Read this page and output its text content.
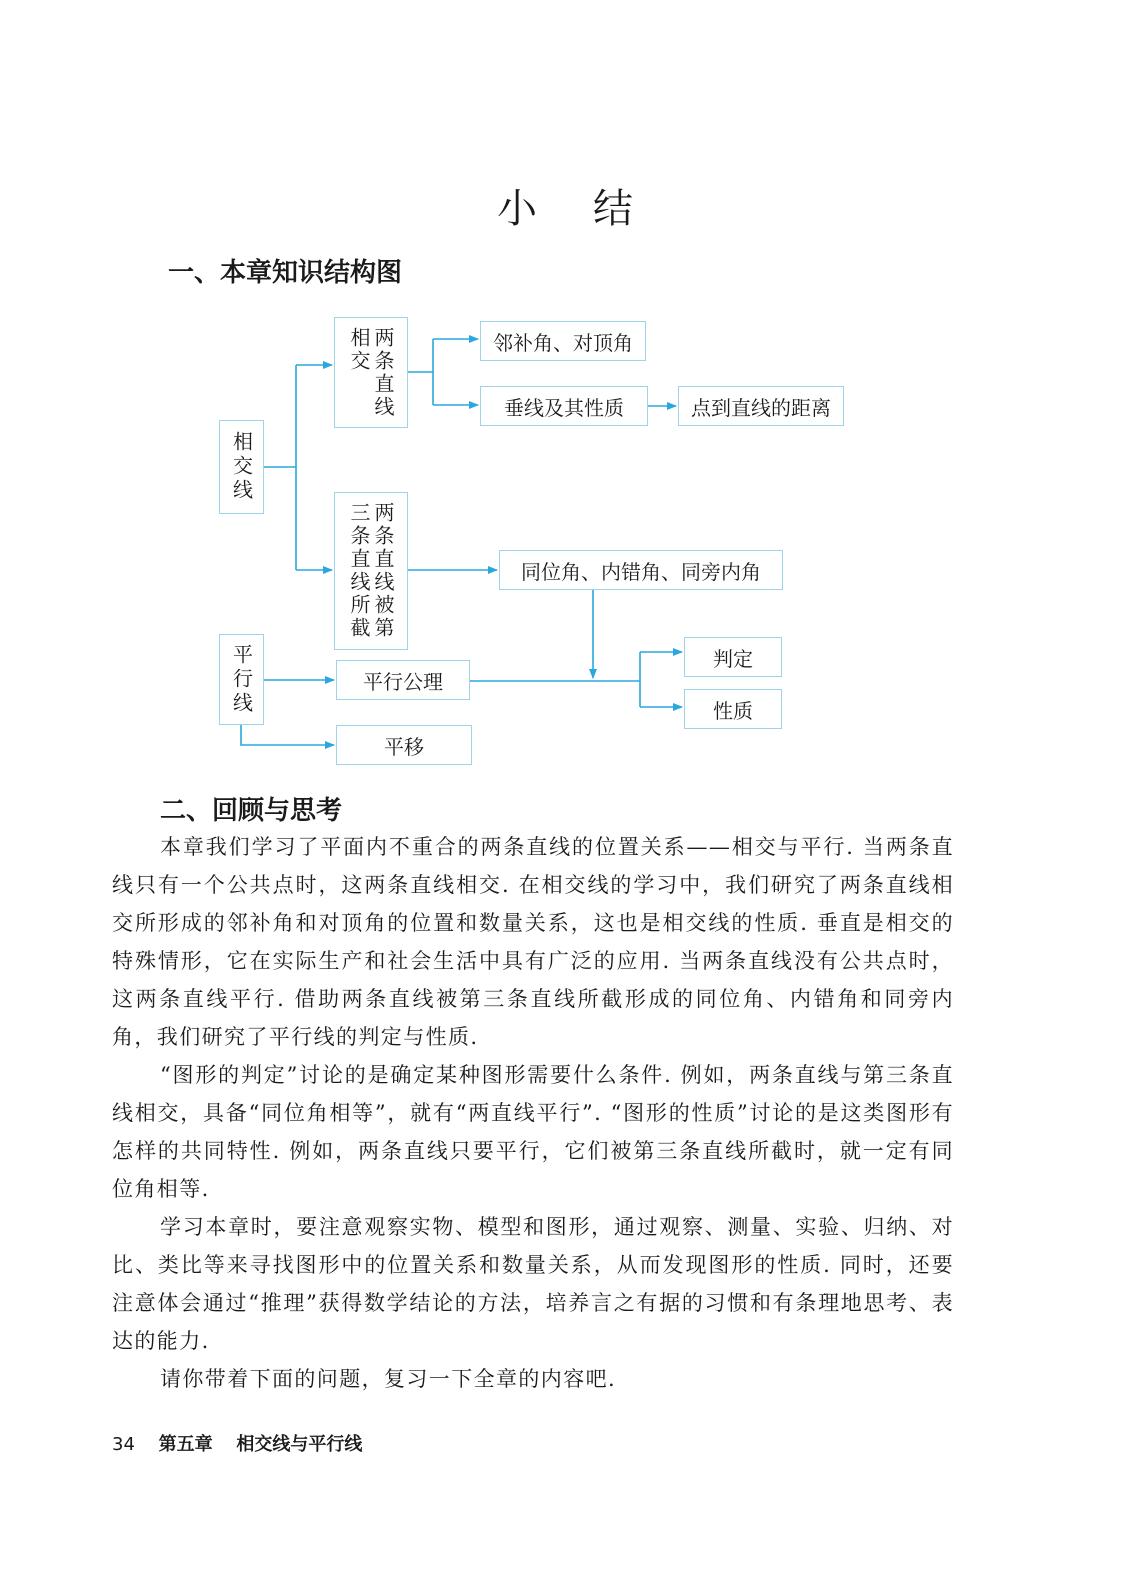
小结
一、本章知识结构图
相交线
两条直线
相交	邻补角、对顶角
垂线及其性质	点到直线的距离
两条直线被第
三条直线所截	同位角、内错角、同旁内角
平行线	平行公理
平移
判定
性质
二、回顾与思考

本章我们学习了平面内不重合的两条直线的位置关系——相交与平行. 当两条直线只有一个公共点时，这两条直线相交. 在相交线的学习中，我们研究了两条直线相交所形成的邻补角和对顶角的位置和数量关系，这也是相交线的性质. 垂直是相交的特殊情形，它在实际生产和社会生活中具有广泛的应用. 当两条直线没有公共点时，这两条直线平行. 借助两条直线被第三条直线所截形成的同位角、内错角和同旁内角，我们研究了平行线的判定与性质.

“图形的判定”讨论的是确定某种图形需要什么条件. 例如，两条直线与第三条直线相交，具备“同位角相等”，就有“两直线平行”. “图形的性质”讨论的是这类图形有怎样的共同特性. 例如，两条直线只要平行，它们被第三条直线所截时，就一定有同位角相等.

学习本章时，要注意观察实物、模型和图形，通过观察、测量、实验、归纳、对比、类比等来寻找图形中的位置关系和数量关系，从而发现图形的性质. 同时，还要注意体会通过“推理”获得数学结论的方法，培养言之有据的习惯和有条理地思考、表达的能力.

请你带着下面的问题，复习一下全章的内容吧.

34 第五章 相交线与平行线
